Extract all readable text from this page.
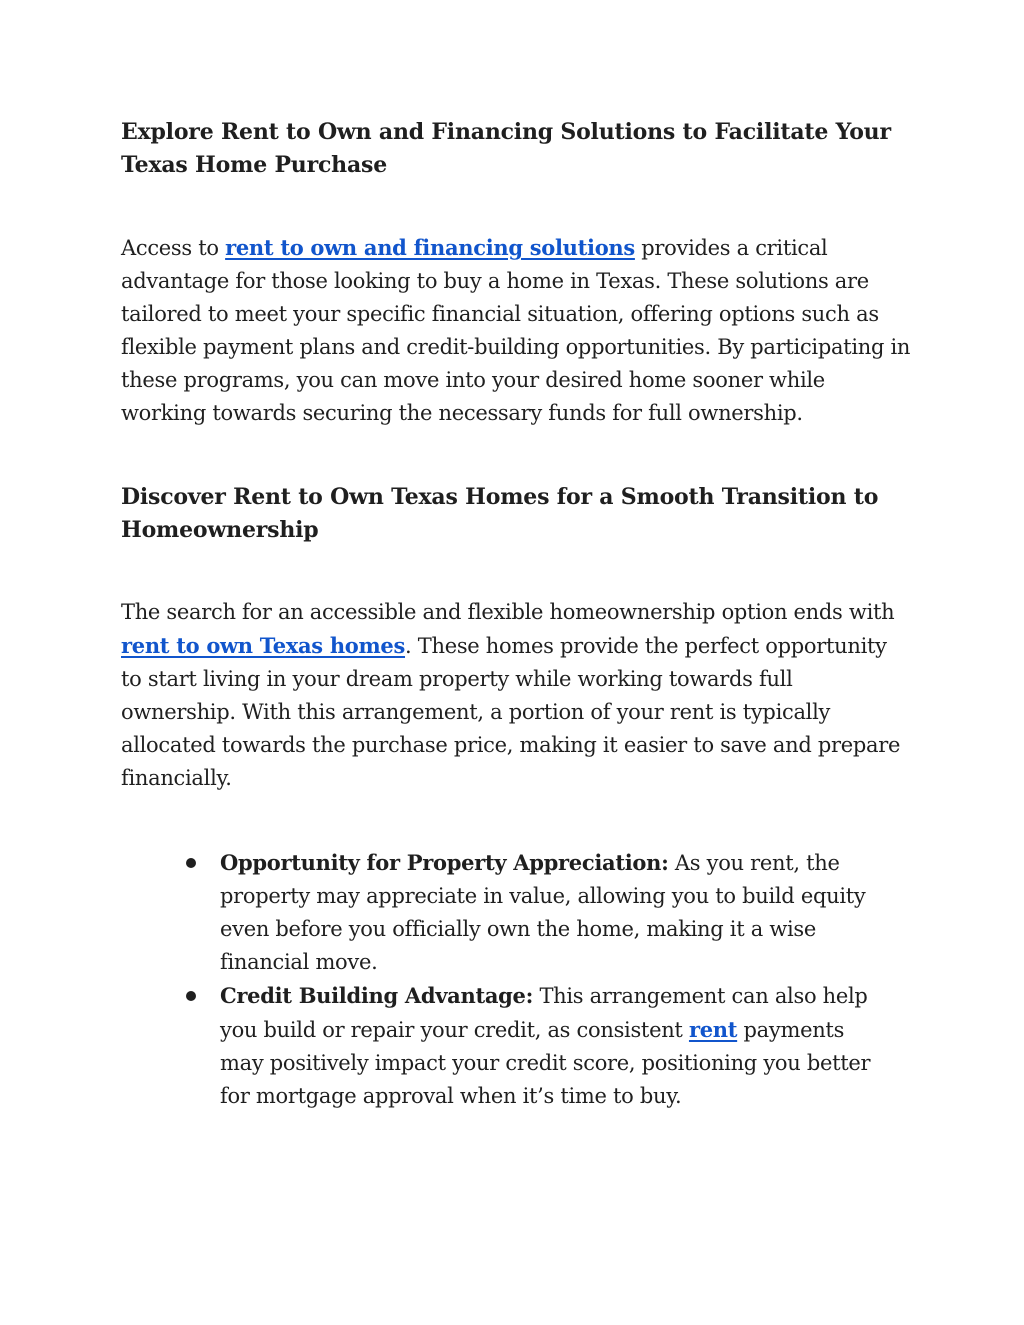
Explore Rent to Own and Financing Solutions to Facilitate Your Texas Home Purchase

Access to rent to own and financing solutions provides a critical advantage for those looking to buy a home in Texas. These solutions are tailored to meet your specific financial situation, offering options such as flexible payment plans and credit-building opportunities. By participating in these programs, you can move into your desired home sooner while working towards securing the necessary funds for full ownership.

Discover Rent to Own Texas Homes for a Smooth Transition to Homeownership

The search for an accessible and flexible homeownership option ends with rent to own Texas homes. These homes provide the perfect opportunity to start living in your dream property while working towards full ownership. With this arrangement, a portion of your rent is typically allocated towards the purchase price, making it easier to save and prepare financially.

Opportunity for Property Appreciation: As you rent, the property may appreciate in value, allowing you to build equity even before you officially own the home, making it a wise financial move.
Credit Building Advantage: This arrangement can also help you build or repair your credit, as consistent rent payments may positively impact your credit score, positioning you better for mortgage approval when it’s time to buy.
